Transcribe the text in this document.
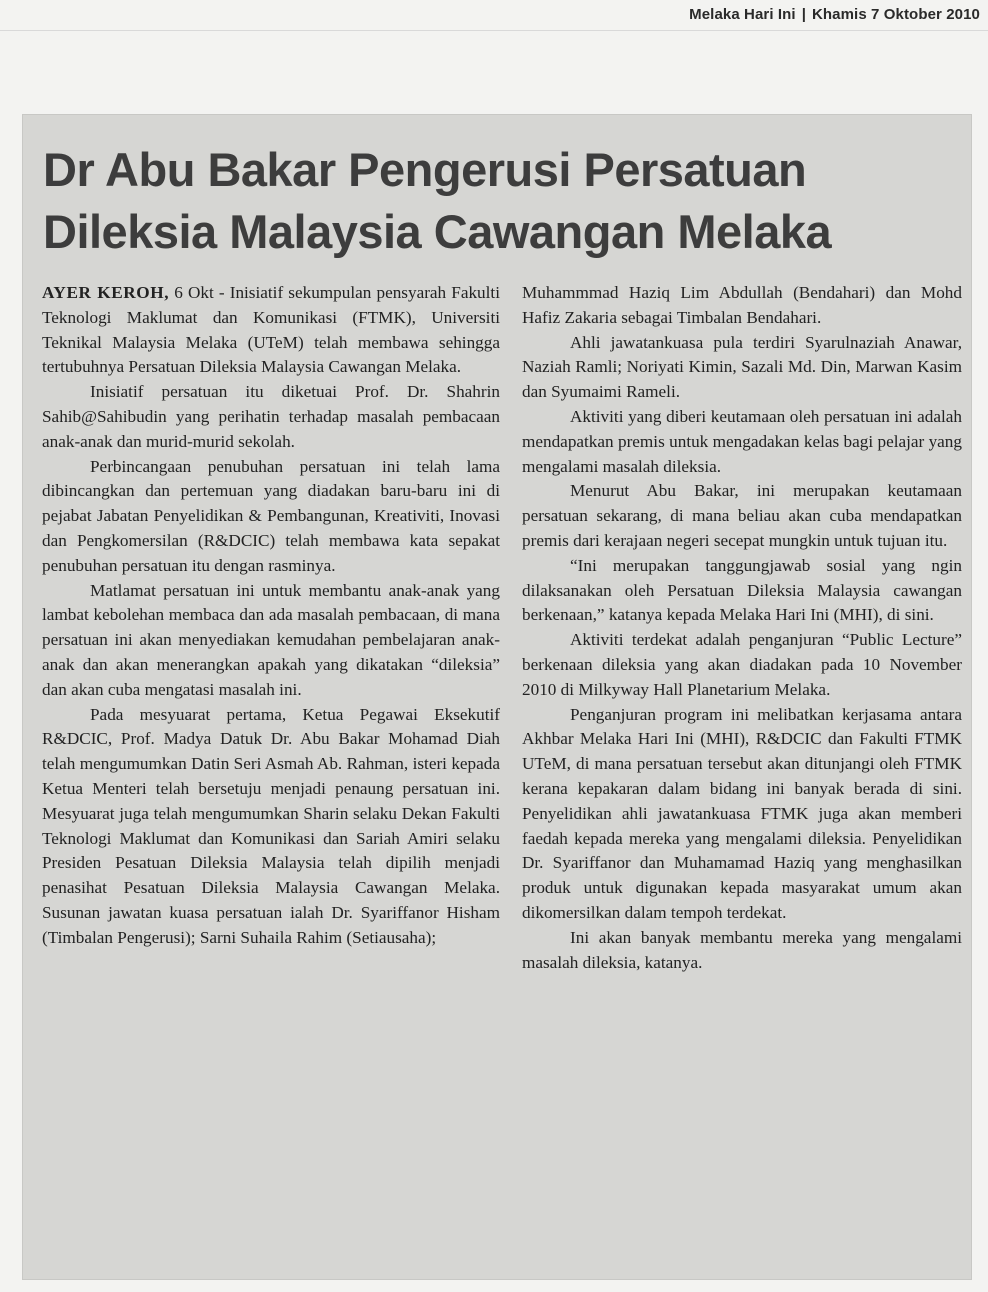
Melaka Hari Ini | Khamis 7 Oktober 2010
Dr Abu Bakar Pengerusi Persatuan
Dileksia Malaysia Cawangan Melaka

AYER KEROH, 6 Okt - Inisiatif sekumpulan pensyarah Fakulti Teknologi Maklumat dan Komunikasi (FTMK), Universiti Teknikal Malaysia Melaka (UTeM) telah membawa sehingga tertubuhnya Persatuan Dileksia Malaysia Cawangan Melaka.

Inisiatif persatuan itu diketuai Prof. Dr. Shahrin Sahib@Sahibudin yang perihatin terhadap masalah pembacaan anak-anak dan murid-murid sekolah.

Perbincangaan penubuhan persatuan ini telah lama dibincangkan dan pertemuan yang diadakan baru-baru ini di pejabat Jabatan Penyelidikan & Pembangunan, Kreativiti, Inovasi dan Pengkomersilan (R&DCIC) telah membawa kata sepakat penubuhan persatuan itu dengan rasminya.

Matlamat persatuan ini untuk membantu anak-anak yang lambat kebolehan membaca dan ada masalah pembacaan, di mana persatuan ini akan menyediakan kemudahan pembelajaran anak-anak dan akan menerangkan apakah yang dikatakan “dileksia” dan akan cuba mengatasi masalah ini.

Pada mesyuarat pertama, Ketua Pegawai Eksekutif R&DCIC, Prof. Madya Datuk Dr. Abu Bakar Mohamad Diah telah mengumumkan Datin Seri Asmah Ab. Rahman, isteri kepada Ketua Menteri telah bersetuju menjadi penaung persatuan ini. Mesyuarat juga telah mengumumkan Sharin selaku Dekan Fakulti Teknologi Maklumat dan Komunikasi dan Sariah Amiri selaku Presiden Pesatuan Dileksia Malaysia telah dipilih menjadi penasihat Pesatuan Dileksia Malaysia Cawangan Melaka. Susunan jawatan kuasa persatuan ialah Dr. Syariffanor Hisham (Timbalan Pengerusi); Sarni Suhaila Rahim (Setiausaha);

Muhammmad Haziq Lim Abdullah (Bendahari) dan Mohd Hafiz Zakaria sebagai Timbalan Bendahari.

Ahli jawatankuasa pula terdiri Syarulnaziah Anawar, Naziah Ramli; Noriyati Kimin, Sazali Md. Din, Marwan Kasim dan Syumaimi Rameli.

Aktiviti yang diberi keutamaan oleh persatuan ini adalah mendapatkan premis untuk mengadakan kelas bagi pelajar yang mengalami masalah dileksia.

Menurut Abu Bakar, ini merupakan keutamaan persatuan sekarang, di mana beliau akan cuba mendapatkan premis dari kerajaan negeri secepat mungkin untuk tujuan itu.

“Ini merupakan tanggungjawab sosial yang ngin dilaksanakan oleh Persatuan Dileksia Malaysia cawangan berkenaan,” katanya kepada Melaka Hari Ini (MHI), di sini.

Aktiviti terdekat adalah penganjuran “Public Lecture” berkenaan dileksia yang akan diadakan pada 10 November 2010 di Milkyway Hall Planetarium Melaka.

Penganjuran program ini melibatkan kerjasama antara Akhbar Melaka Hari Ini (MHI), R&DCIC dan Fakulti FTMK UTeM, di mana persatuan tersebut akan ditunjangi oleh FTMK kerana kepakaran dalam bidang ini banyak berada di sini. Penyelidikan ahli jawatankuasa FTMK juga akan memberi faedah kepada mereka yang mengalami dileksia. Penyelidikan Dr. Syariffanor dan Muhamamad Haziq yang menghasilkan produk untuk digunakan kepada masyarakat umum akan dikomersilkan dalam tempoh terdekat.

Ini akan banyak membantu mereka yang mengalami masalah dileksia, katanya.
